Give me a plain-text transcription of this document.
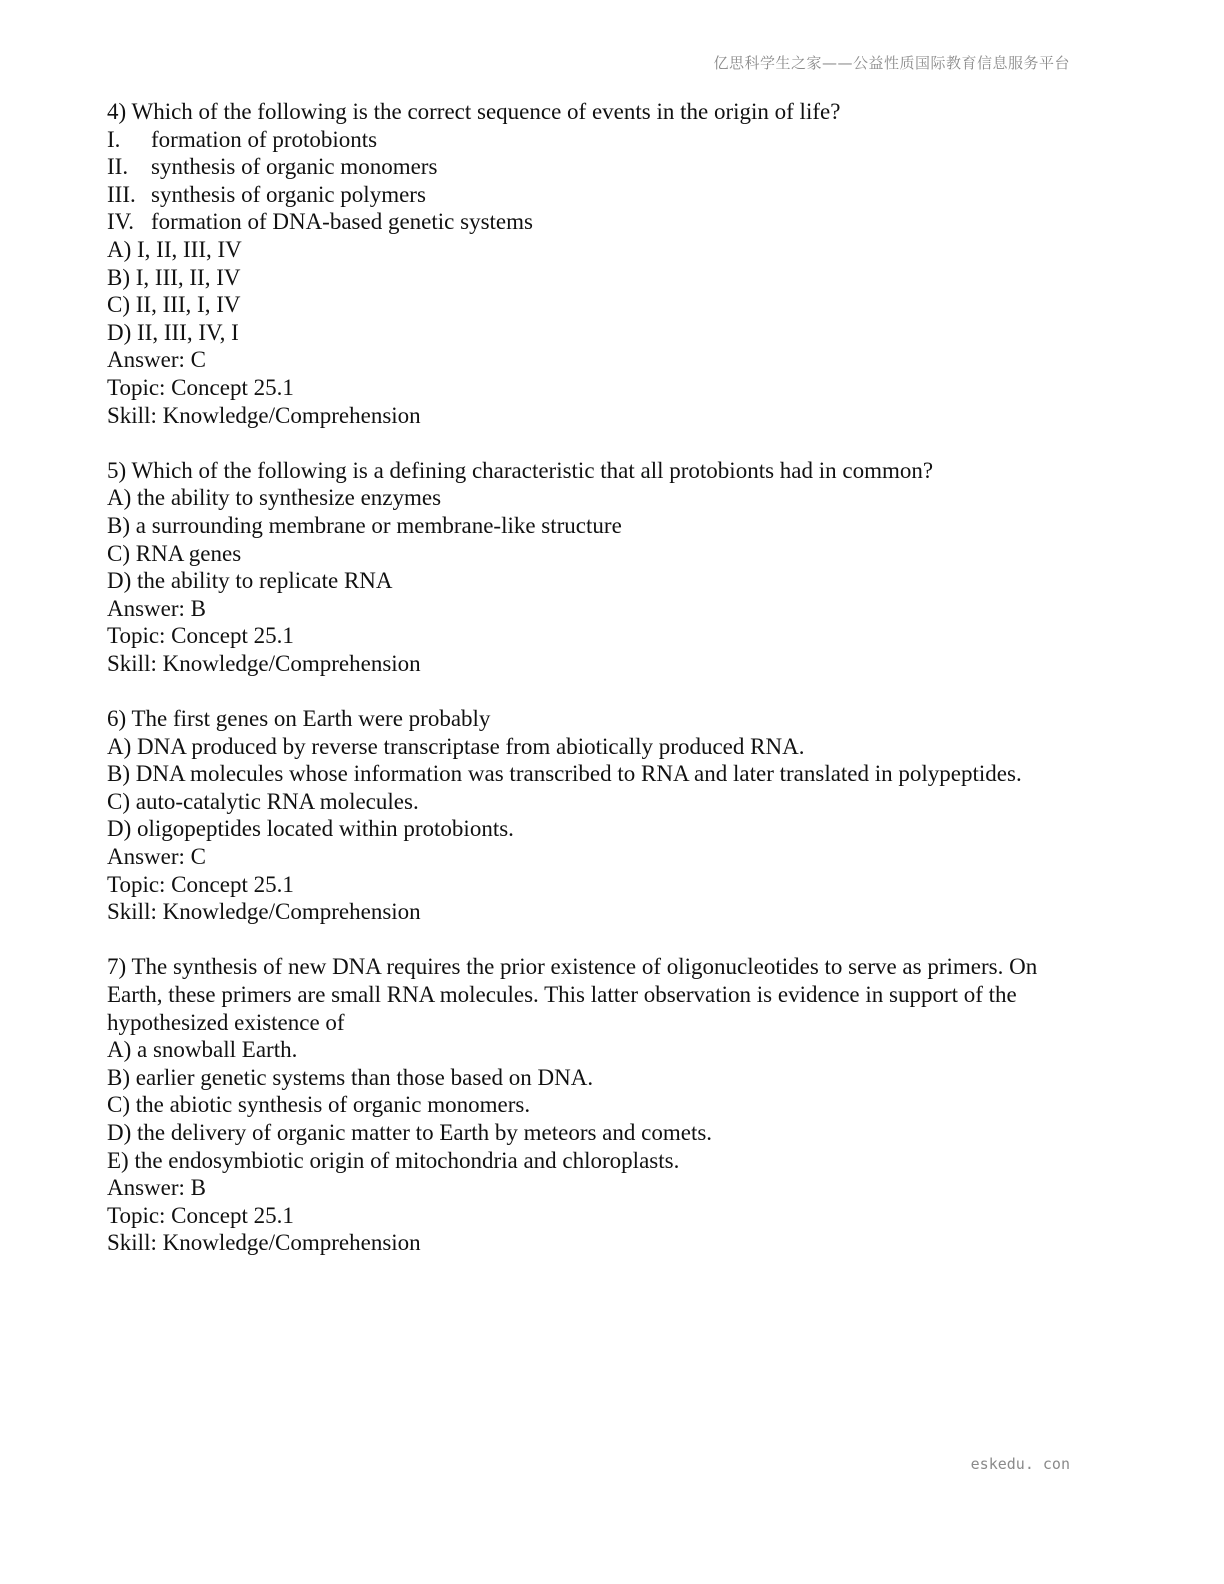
亿思科学生之家——公益性质国际教育信息服务平台
4) Which of the following is the correct sequence of events in the origin of life?
I. formation of protobionts
II. synthesis of organic monomers
III. synthesis of organic polymers
IV. formation of DNA-based genetic systems
A) I, II, III, IV
B) I, III, II, IV
C) II, III, I, IV
D) II, III, IV, I
Answer: C
Topic: Concept 25.1
Skill: Knowledge/Comprehension
5) Which of the following is a defining characteristic that all protobionts had in common?
A) the ability to synthesize enzymes
B) a surrounding membrane or membrane-like structure
C) RNA genes
D) the ability to replicate RNA
Answer: B
Topic: Concept 25.1
Skill: Knowledge/Comprehension
6) The first genes on Earth were probably
A) DNA produced by reverse transcriptase from abiotically produced RNA.
B) DNA molecules whose information was transcribed to RNA and later translated in polypeptides.
C) auto-catalytic RNA molecules.
D) oligopeptides located within protobionts.
Answer: C
Topic: Concept 25.1
Skill: Knowledge/Comprehension
7) The synthesis of new DNA requires the prior existence of oligonucleotides to serve as primers. On Earth, these primers are small RNA molecules. This latter observation is evidence in support of the hypothesized existence of
A) a snowball Earth.
B) earlier genetic systems than those based on DNA.
C) the abiotic synthesis of organic monomers.
D) the delivery of organic matter to Earth by meteors and comets.
E) the endosymbiotic origin of mitochondria and chloroplasts.
Answer: B
Topic: Concept 25.1
Skill: Knowledge/Comprehension
eskedu. con
